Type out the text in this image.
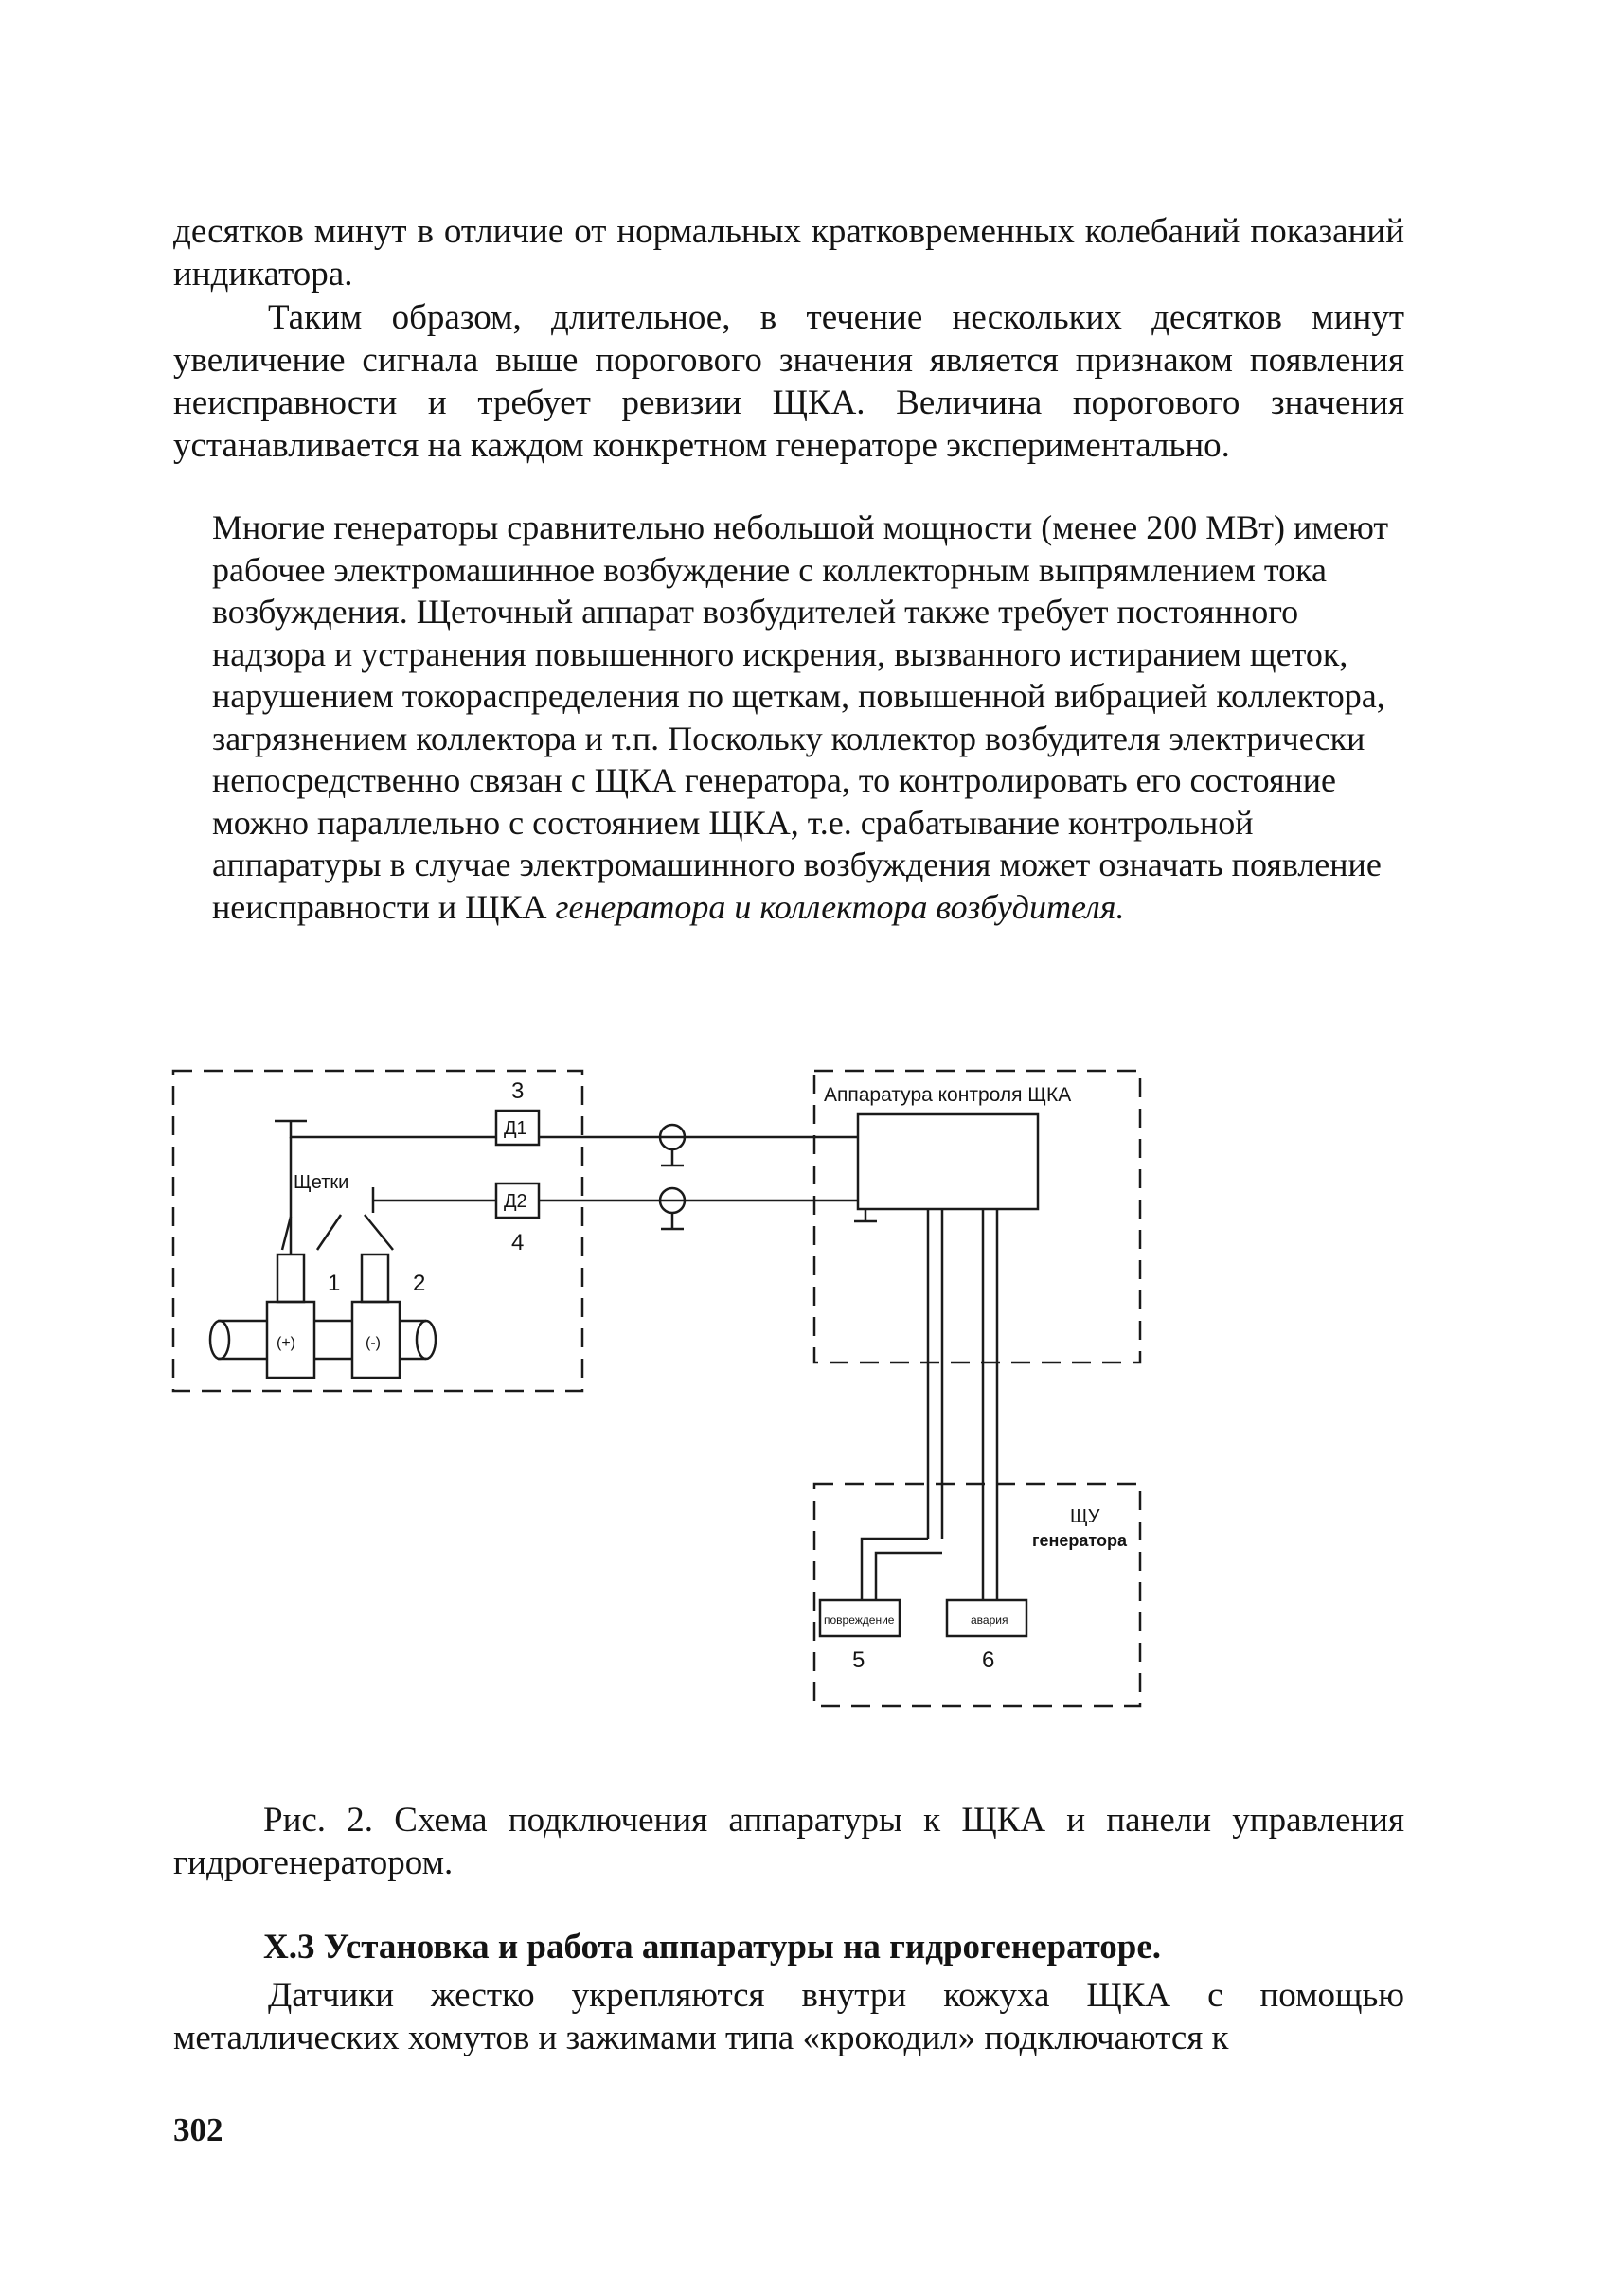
десятков минут в отличие от нормальных кратковременных колебаний показаний индикатора.

Таким образом, длительное, в течение нескольких десятков минут увеличение сигнала выше порогового значения является признаком появления неисправности и требует ревизии ЩКА. Величина порогового значения устанавливается на каждом конкретном генераторе экспериментально.

Многие генераторы сравнительно небольшой мощности (менее 200 МВт) имеют рабочее электромашинное возбуждение с коллекторным выпрямлением тока возбуждения. Щеточный аппарат возбудителей также требует постоянного надзора и устранения повышенного искрения, вызванного истиранием щеток, нарушением токораспределения по щеткам, повышенной вибрацией коллектора, загрязнением коллектора и т.п. Поскольку коллектор возбудителя электрически непосредственно связан с ЩКА генератора, то контролировать его состояние можно параллельно с состоянием ЩКА, т.е. срабатывание контрольной аппаратуры в случае электромашинного возбуждения может означать появление неисправности и ЩКА генератора и коллектора возбудителя.

3
Д1
Д2
4
Щетки
1	2
(+)	(-)
Аппаратура контроля ЩКА
ЩУ
генератора
повреждение	авария
5	6

Рис. 2. Схема подключения аппаратуры к ЩКА и панели управления гидрогенератором.

X.3 Установка и работа аппаратуры на гидрогенераторе.

Датчики жестко укрепляются внутри кожуха ЩКА с помощью металлических хомутов и зажимами типа «крокодил» подключаются к

302
